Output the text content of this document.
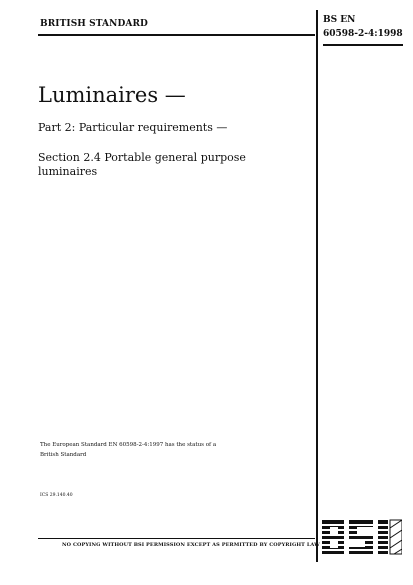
BRITISH STANDARD	BS EN
60598-2-4:1998
Luminaires —
Part 2: Particular requirements —
Section 2.4 Portable general purpose
luminaires
The European Standard EN 60598-2-4:1997 has the status of a
British Standard
ICS 29.140.40
NO COPYING WITHOUT BSI PERMISSION EXCEPT AS PERMITTED BY COPYRIGHT LAW
